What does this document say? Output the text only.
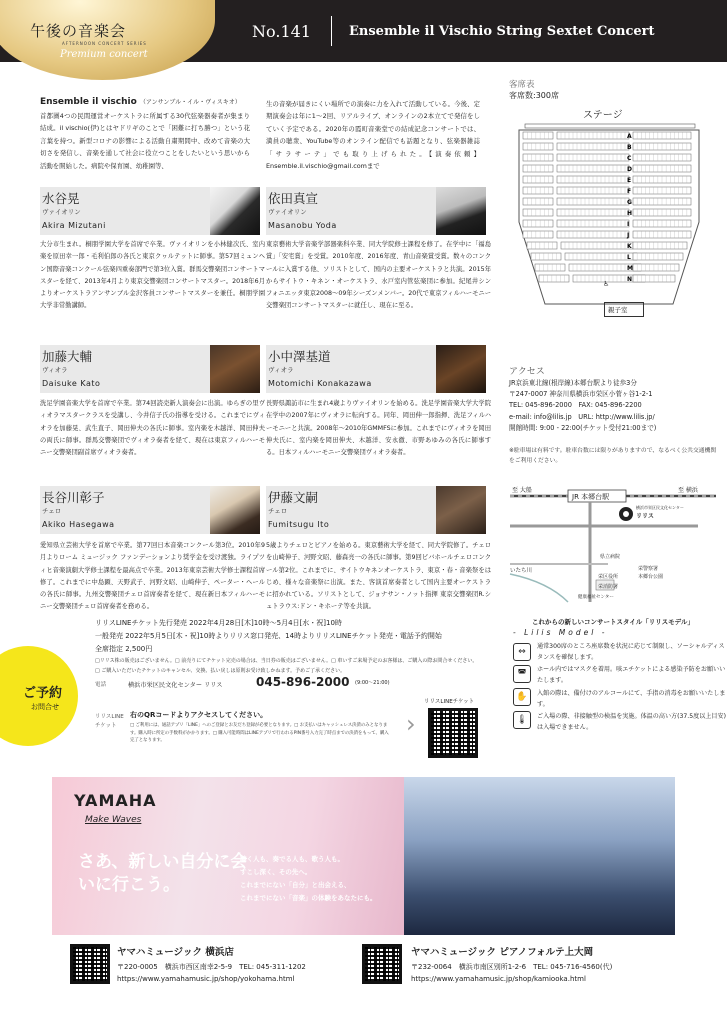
午後の音楽会
AFTERNOON CONCERT SERIES
Premium concert
No.141	Ensemble il Vischio String Sextet Concert
Ensemble il vischio （アンサンブル・イル・ヴィスキオ）
首都圏4つの民間運営オーケストラに所属する30代弦楽器奏者が集まり結成。il vischio(伊)とはヤドリギのことで「困難に打ち勝つ」という花言葉を持つ。新型コロナの影響による活動自粛期間中、改めて音楽の大切さを発信し、音楽を通して社会に役立つことをしたいという思いから活動を開始した。病院や保育園、幼稚園等、
生の音楽が届きにくい場所での演奏に力を入れて活動している。今後、定期演奏会は年に1〜2回、リアルライブ、オンラインの2本立てで発信をしていく予定である。2020年の霞町音楽堂での結成記念コンサートでは、満員の聴衆、YouTube等のオンライン配信でも話題となり、弦楽器雑誌「サラサーテ」でも取り上げられた。【演奏依頼】Ensemble.il.vischio@gmail.comまで
水谷晃
ヴァイオリン
Akira Mizutani
大分市生まれ。桐朋学園大学を首席で卒業。ヴァイオリンを小林健次氏、室内楽を原田幸一郎・毛利伯郎の各氏と東京クヮルテットに師事。第57回ミュンヘン国際音楽コンクール弦楽四重奏部門で第3位入賞。群馬交響楽団コンサートマスターを経て、2013年4月より東京交響楽団コンサートマスター。2018年6月よりオーケストラアンサンブル金沢客員コンサートマスターを兼任。桐朋学園大学非常勤講師。
依田真宣
ヴァイオリン
Masanobu Yoda
東京藝術大学音楽学部器楽科卒業、同大学院修士課程を修了。在学中に「福島賞」「安宅賞」を受賞。2010年度、2016年度、青山音楽賞受賞。数々のコンクールに入賞する他、ソリストとして、国内の主要オーケストラと共演。2015年からサイトウ・キネン・オーケストラ、水戸室内管弦楽団に参加。紀尾井シンフォニエッタ東京2008〜09年シーズンメンバー。20代で東京フィルハーモニー交響楽団コンサートマスターに就任し、現在に至る。
加藤大輔
ヴィオラ
Daisuke Kato
洗足学園音楽大学を首席で卒業。第74回読売新人演奏会に出演。ゆらぎの里ヴィオラマスタークラスを受講し、今井信子氏の指導を受ける。これまでにヴィオラを加藤晃、武生直子、岡田伸夫の各氏に師事。室内楽を木越洋、岡田伸夫の両氏に師事。群馬交響楽団でヴィオラ奏者を経て、現在は東京フィルハーモニー交響楽団副首席ヴィオラ奏者。
小中澤基道
ヴィオラ
Motomichi Konakazawa
長野県諏訪市に生まれ4歳よりヴァイオリンを始める。洗足学園音楽大学大学院在学中の2007年にヴィオラに転向する。同年、岡田伸一郎指揮、洗足フィルハーモニーと共演。2008年〜2010年GMMFSに参加。これまでにヴィオラを岡田伸夫氏に、室内楽を岡田伸夫、木越洋、安永徹、市野あゆみの各氏に師事する。日本フィルハーモニー交響楽団ヴィオラ奏者。
長谷川彰子
チェロ
Akiko Hasegawa
愛知県立芸術大学を首席で卒業。第77回日本音楽コンクール第3位。2010年9月よりローム ミュージック ファンデーションより奨学金を受け渡独。ライプツィヒ音楽演劇大学修士課程を最高点で卒業。2013年東京芸術大学修士課程首席修了。これまでに中島顕、天野武子、河野文昭、山崎伸子、ペーター・ヘールの各氏に師事。九州交響楽団チェロ首席奏者を経て、現在新日本フィルハーモニー交響楽団チェロ首席奏者を務める。
伊藤文嗣
チェロ
Fumitsugu Ito
5歳よりチェロとピアノを始める。東京藝術大学を経て、同大学院修了。チェロを山崎伸子、河野文昭、藤森亮一の各氏に師事。第9回ビバホールチェロコンクール第2位。これまでに、サイトウキネンオーケストラ、東京・春・音楽祭をはじめ、様々な音楽祭に出演。また、客演首席奏者として国内主要オーケストラに招かれている。ソリストとして、ジョナサン・ノット指揮 東京交響楽団R.シュトラウス:ドン・キホーテ等を共演。
客席表
客席数:300席
A
B
C
D
E
F
G
H
I
J
K
L
M
N
♿
ステージ
親子室
アクセス
JR京浜東北線(根岸線)本郷台駅より徒歩3分
〒247-0007 神奈川県横浜市栄区小菅ヶ谷1-2-1
TEL: 045-896-2000　FAX: 045-896-2200
e-mail: info@lilis.jp　URL: http://www.lilis.jp/
開館時間: 9:00 - 22:00(チケット受付21:00まで)
※駐車場は有料です。駐車台数には限りがありますので、なるべく公共交通機関をご利用ください。
JR 本郷台駅
至 大船	至 横浜
いたち川
リリス
横浜市栄区民文化センター
県立病院
栄区役所
栄警察署
本郷台公園
栄消防署
健康福祉センター
ご予約
お問合せ
リリスLINEチケット先行発売 2022年4月28日[木]10時〜5月4日[水・祝]10時
一般発売 2022年5月5日[木・祝]10時よりリリス窓口発売、14時よりリリスLINEチケット発売・電話予約開始
全席指定 2,500円
□リリス株の販売はございません。□ 前売りにてチケット完売の場合は、当日券の販売はございません。□ 車いすご来場予定のお客様は、ご購入の際お問合せください。
□ ご購入いただいたチケットのキャンセル、交換、払い戻しは原則お受け致しかねます。予めご了承ください。
電話	横浜市栄区民文化センター リリス	045-896-2000 (9:00〜21:00)
リリスLINEチケット
右のQRコードよりアクセスしてください。
□ ご利用には、通話アプリ「LINE」へのご登録とお友だち登録が必要となります。□ お支払いはキャッシュレス決済のみとなります。購入時に所定の手数料がかかります。□ 購入可能時間はLINEアプリで行われるPIN番号入力完了時点までの決済をもって、購入完了となります。
›
リリスLINEチケット
これからの新しいコンサートスタイル「リリスモデル」
- Lilis Model -
⇔
通常300席のところ座席数を状況に応じて制限し、ソーシャルディスタンスを確保します。
◚	ホール内ではマスクを着用。咳エチケットによる感染予防をお願いいたします。
✋	入館の際は、備付けのアルコールにて、手指の消毒をお願いいたします。
🌡	ご入場の際、非接触型の検温を実施。体温の高い方(37.5度以上目安)は入場できません。
YAMAHA
Make Waves
さあ、新しい自分に会いに行こう。
聴く人も、奏でる人も、歌う人も。
すこし深く、その先へ。
これまでにない「自分」と出会える、
これまでにない「音楽」の体験をあなたにも。
ヤマハミュージック 横浜店
〒220-0005　横浜市西区南幸2-5-9　TEL: 045-311-1202
https://www.yamahamusic.jp/shop/yokohama.html
ヤマハミュージック ピアノフォルテ上大岡
〒232-0064　横浜市南区別所1-2-6　TEL: 045-716-4560(代)
https://www.yamahamusic.jp/shop/kamiooka.html
